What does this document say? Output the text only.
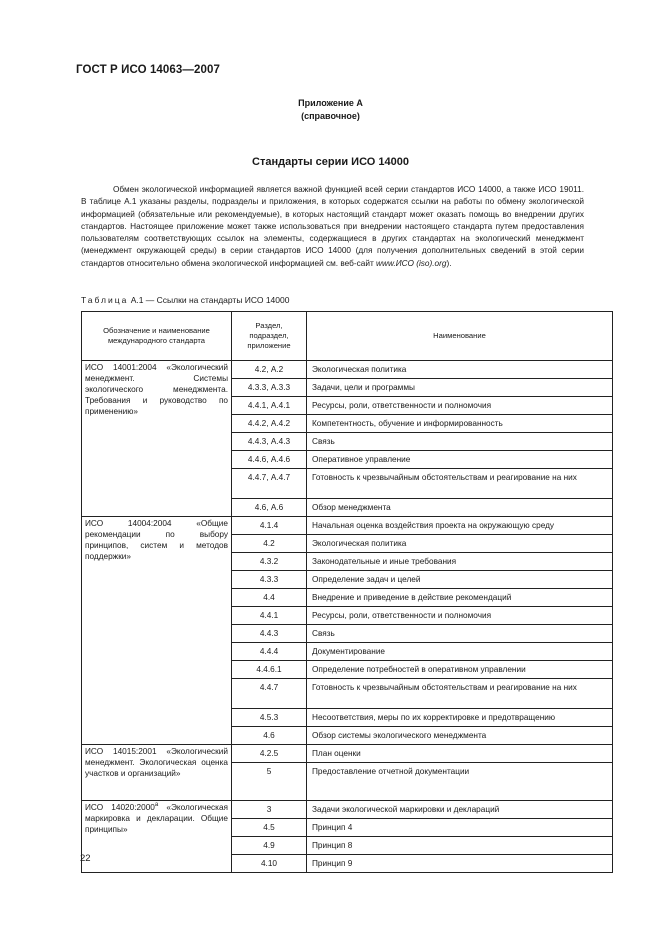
ГОСТ Р ИСО 14063—2007
Приложение А
(справочное)
Стандарты серии ИСО 14000

Обмен экологической информацией является важной функцией всей серии стандартов ИСО 14000, а также ИСО 19011. В таблице А.1 указаны разделы, подразделы и приложения, в которых содержатся ссылки на работы по обмену экологической информацией (обязательные или рекомендуемые), в которых настоящий стандарт может оказать помощь во внедрении других стандартов. Настоящее приложение может также использоваться при внедрении настоящего стандарта путем предоставления пользователям соответствующих ссылок на элементы, содержащиеся в других стандартах на экологический менеджмент (менеджмент окружающей среды) в серии стандартов ИСО 14000 (для получения дополнительных сведений в этой серии стандартов относительно обмена экологической информацией см. веб-сайт www.ИСО (iso).org).

Таблица А.1 — Ссылки на стандарты ИСО 14000
Обозначение и наименование международного стандарта	Раздел, подраздел, приложение	Наименование
ИСО 14001:2004 «Экологический менеджмент. Системы экологического менеджмента. Требования и руководство по применению»	4.2, А.2	Экологическая политика
	4.3.3, А.3.3	Задачи, цели и программы
	4.4.1, А.4.1	Ресурсы, роли, ответственности и полномочия
	4.4.2, А.4.2	Компетентность, обучение и информированность
	4.4.3, А.4.3	Связь
	4.4.6, А.4.6	Оперативное управление
	4.4.7, А.4.7	Готовность к чрезвычайным обстоятельствам и реагирование на них
	4.6, А.6	Обзор менеджмента
ИСО 14004:2004 «Общие рекомендации по выбору принципов, систем и методов поддержки»	4.1.4	Начальная оценка воздействия проекта на окружающую среду
	4.2	Экологическая политика
	4.3.2	Законодательные и иные требования
	4.3.3	Определение задач и целей
	4.4	Внедрение и приведение в действие рекомендаций
	4.4.1	Ресурсы, роли, ответственности и полномочия
	4.4.3	Связь
	4.4.4	Документирование
	4.4.6.1	Определение потребностей в оперативном управлении
	4.4.7	Готовность к чрезвычайным обстоятельствам и реагирование на них
	4.5.3	Несоответствия, меры по их корректировке и предотвращению
	4.6	Обзор системы экологического менеджмента
ИСО 14015:2001 «Экологический менеджмент. Экологическая оценка участков и организаций»	4.2.5	План оценки
	5	Предоставление отчетной документации
ИСО 14020:2000$^a$ «Экологическая маркировка и декларации. Общие принципы»	3	Задачи экологической маркировки и деклараций
	4.5	Принцип 4
	4.9	Принцип 8
	4.10	Принцип 9
22
